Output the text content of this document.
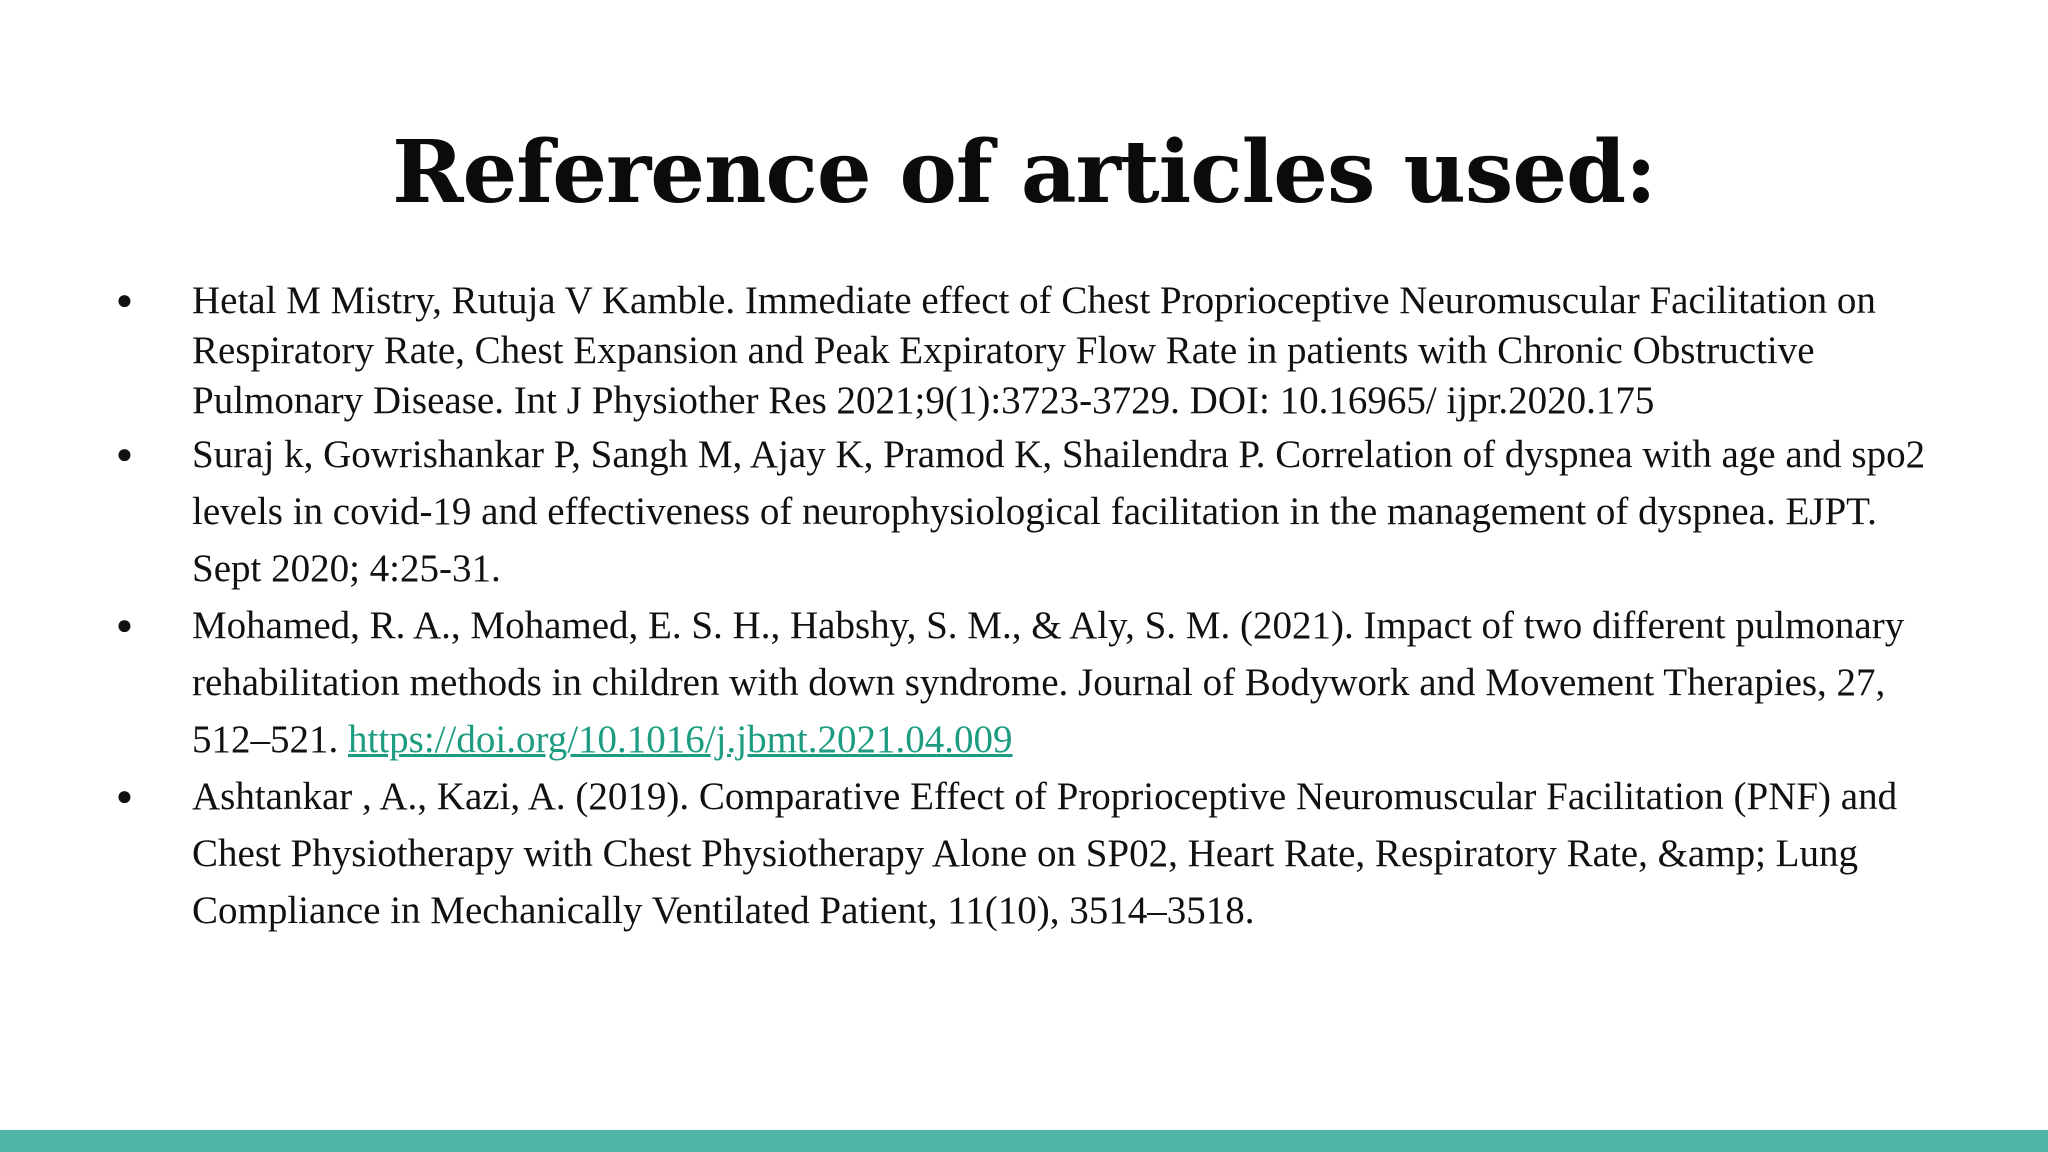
Reference of articles used:
● Hetal M Mistry, Rutuja V Kamble. Immediate effect of Chest Proprioceptive Neuromuscular Facilitation on Respiratory Rate, Chest Expansion and Peak Expiratory Flow Rate in patients with Chronic Obstructive Pulmonary Disease. Int J Physiother Res 2021;9(1):3723-3729. DOI: 10.16965/ ijpr.2020.175
● Suraj k, Gowrishankar P, Sangh M, Ajay K, Pramod K, Shailendra P. Correlation of dyspnea with age and spo2 levels in covid-19 and effectiveness of neurophysiological facilitation in the management of dyspnea. EJPT. Sept 2020; 4:25-31.
● Mohamed, R. A., Mohamed, E. S. H., Habshy, S. M., & Aly, S. M. (2021). Impact of two different pulmonary rehabilitation methods in children with down syndrome. Journal of Bodywork and Movement Therapies, 27, 512–521. https://doi.org/10.1016/j.jbmt.2021.04.009
● Ashtankar , A., Kazi, A. (2019). Comparative Effect of Proprioceptive Neuromuscular Facilitation (PNF) and Chest Physiotherapy with Chest Physiotherapy Alone on SP02, Heart Rate, Respiratory Rate, &amp; Lung Compliance in Mechanically Ventilated Patient, 11(10), 3514–3518.
